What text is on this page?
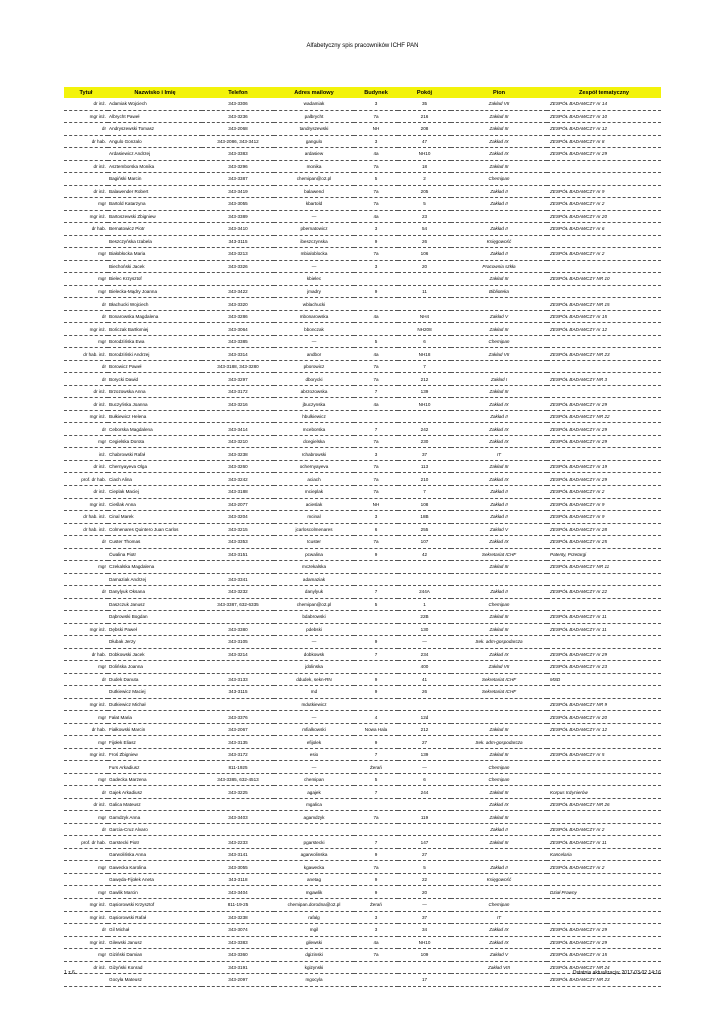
Alfabetyczny spis pracowników ICHF PAN
Tytuł	Nazwisko i Imię	Telefon	Adres mailowy	Budynek	Pokój	Pion	Zespół tematyczny
dr inż.	Adamiak Wojciech	343-3306	wadamiak	3	35	Zakład VII	ZESPÓŁ BADAWCZY nr 14
mgr inż.	Albrycht Paweł	343-3236	palbrycht	7a	216	Zakład III	ZESPÓŁ BADAWCZY nr 10
dr	Andryszewski Tomasz	343-2068	tandryszewski	NH	208	Zakład III	ZESPÓŁ BADAWCZY nr 12
dr hab.	Angulo Gonzalo	343-2086, 343-3412	gangulo	3	47	Zakład IX	ZESPÓŁ BADAWCZY nr 8
	Ardasiewicz Andrzej	343-3383	ardasiew	4a	NH10	Zakład IX	ZESPÓŁ BADAWCZY nr 29
dr inż.	Asztemborska Monika	343-3296	monika	7a	18	Zakład III	
	Bagiński Marcin	343-3387	chemipan@o2.pl	5	2	Chemipan	
dr inż.	Balawender Robert	343-3419	balawend	7a	205	Zakład II	ZESPÓŁ BADAWCZY nr 9
mgr	Bartold Katarzyna	343-3055	kbartold	7a	5	Zakład II	ZESPÓŁ BADAWCZY nr 2
mgr inż.	Bartoszewski Zbigniew	343-3389	—	4a	23		ZESPÓŁ BADAWCZY nr 20
dr hab.	Bernatowicz Piotr	343-3410	pbernatowicz	3	54	Zakład II	ZESPÓŁ BADAWCZY nr 6
	Beszczyńska Izabela	343-3115	ibeszczynska	9	26	Księgowość	
mgr	Białobłocka Maria	343-3213	mbialoblocka	7a	106	Zakład II	ZESPÓŁ BADAWCZY nr 2
	Biechoński Jacek	343-3326	—	3	20	Pracownia szkła	
mgr	Bielec Krzysztof		kbielec			Zakład III	ZESPÓŁ BADAWCZY NR 10
mgr	Bielecka-Mądry Joanna	343-3422	jmadry	9	11	Biblioteka	
dr	Błachucki Wojciech	343-3320	wblachucki				ZESPÓŁ BADAWCZY NR 15
dr	Bonarowska Magdalena	343-3286	mbonarowska	4a	NH4	Zakład V	ZESPÓŁ BADAWCZY nr 15
mgr inż.	Bończak Bartłomiej	343-3064	bbonczak		NH208	Zakład III	ZESPÓŁ BADAWCZY nr 12
mgr	Borodzińska Ewa	343-3385	—	5	6	Chemipan	
dr hab. inż.	Borodziński Andrzej	343-3314	andbor	4a	NH18	Zakład VII	ZESPÓŁ BADAWCZY NR 23
dr	Borowicz Paweł	343-3188, 343-3280	pborowicz	7a	7		
dr	Borycki Dawid	343-3297	dborycki	7a	212	Zakład I	ZESPÓŁ BADAWCZY NR 3
dr inż.	Brzozowska Anna	343-3172	abrzozowska	7	139	Zakład III	
dr inż.	Buczyńska Joanna	343-3216	jbuczynska	4a	NH10	Zakład IX	ZESPÓŁ BADAWCZY nr 29
mgr inż.	Bułkiewicz Helena		hbulkiewicz			Zakład II	ZESPÓŁ BADAWCZY NR 22
dr	Ceborska Magdalena	343-3414	mceborska	7	242	Zakład IX	ZESPÓŁ BADAWCZY nr 29
mgr	Cegielska Dorota	343-3210	dcegielska	7a	230	Zakład IX	ZESPÓŁ BADAWCZY nr 29
inż.	Chabrowski Rafał	343-3238	rchabrowski	3	37	IT	
dr inż.	Chernyayeva Olga	343-3260	ochernyayeva	7a	113	Zakład III	ZESPÓŁ BADAWCZY nr 19
prof. dr hab.	Ciach Alina	343-3242	aciach	7a	210	Zakład IX	ZESPÓŁ BADAWCZY nr 29
dr inż.	Cieplak Maciej	343-3188	mcieplak	7a	7	Zakład II	ZESPÓŁ BADAWCZY nr 2
mgr inż.	Cieślak Anna	343-2077	acieslak	NH	108	Zakład II	ZESPÓŁ BADAWCZY nr 9
dr hab. inż.	Cinal Marek	343-3204	mcinal	3	18B	Zakład II	ZESPÓŁ BADAWCZY nr 9
dr hab. inż.	Colmenares Quintero Juan Carlos	343-3215	jcarloscolmenares	6	255	Zakład V	ZESPÓŁ BADAWCZY nr 28
dr	Custer Thomas	343-3353	tcuster	7a	107	Zakład IX	ZESPÓŁ BADAWCZY nr 25
	Ćwalina Piotr	343-3151	pcwalina	9	42	Sekretariat ICHF	Patenty, Przetargi
mgr	Czekalska Magdalena		mczekalska			Zakład III	ZESPÓŁ BADAWCZY NR 11
	Damaziak Andrzej	343-3341	adamaziak				
dr	Danylyuk Oksana	343-3232	danylyuk	7	244A	Zakład II	ZESPÓŁ BADAWCZY nr 22
	Daszczuk Janusz	343-3387, 632-6335	chemipan@o2.pl	5	1	Chemipan	
	Dąbrowski Bogdan		bdabrowski		22B	Zakład III	ZESPÓŁ BADAWCZY nr 11
mgr inż.	Dębski Paweł	343-3380	pdebski		130	Zakład III	ZESPÓŁ BADAWCZY nr 11
	Dłubak Jerzy	343-3105	—	9	—	Sek. adm-gospodarcza	
dr hab.	Dobkowski Jacek	343-3214	dobkowsk	7	234	Zakład IX	ZESPÓŁ BADAWCZY nr 29
mgr	Dolińska Joanna		jdolinska		400	Zakład VII	ZESPÓŁ BADAWCZY nr 23
dr	Dudek Danuta	343-3133	ddudek, sekn-RN	9	41	Sekretariat ICHF	MSD
	Dutkiewicz Maciej	343-3115	md	9	26	Sekretariat ICHF	
mgr inż.	Dutkiewicz Michał		mdutkiewicz				ZESPÓŁ BADAWCZY NR 9
mgr	Fałat Maria	343-3376	—	4	12d		ZESPÓŁ BADAWCZY nr 20
dr hab.	Fiałkowski Marcin	343-2067	mfialkowski	Nowa Hala	212	Zakład III	ZESPÓŁ BADAWCZY nr 12
mgr	Fijołek Eliasz	343-3135	efijolek	9	27	Sek. adm-gospodarcza	
mgr inż.	Froś Zbigniew	343-3172	esio	7	139	Zakład III	ZESPÓŁ BADAWCZY nr 5
	Furs Arkadiusz	811-1925	—	Żerań	—	Chemipan	
mgr	Gadecka Marzena	343-3385, 632-4513	chemipan	5	6	Chemipan	
dr	Gajek Arkadiusz	343-3225	agajek	7	244	Zakład III	Korpus Inżynierów
dr inż.	Galica Mateusz		mgalica			Zakład IX	ZESPÓŁ BADAWCZY NR 26
mgr	Gamdzyk Anna	343-3403	agamdzyk	7a	119	Zakład III	
dr	Garcia-Cruz Alvaro					Zakład II	ZESPÓŁ BADAWCZY nr 2
prof. dr hab.	Garstecki Piotr	343-2233	pgarstecki	7	147	Zakład III	ZESPÓŁ BADAWCZY nr 11
	Garwolińska Anna	343-3141	agarwolinska	9	27		Kancelaria
mgr	Gawecka Karolina	343-3055	kgawecka	7a	5	Zakład II	ZESPÓŁ BADAWCZY nr 2
	Gawęda-Fijołek Aneta	343-3118	anetag	9	22	Księgowość	
mgr	Gawlik Marcin	343-3404	mgawlik	9	20		Dział Prawny
mgr inż.	Gąsiorowski Krzysztof	811-19-25	chemipan.dorodna@o2.pl	Żerań	—	Chemipan	
mgr inż.	Gąsiorowski Rafał	343-3238	rafalg	3	37	IT	
dr	Gil Michał	343-3074	mgil	3	34	Zakład IX	ZESPÓŁ BADAWCZY nr 29
mgr inż.	Gilewski Janusz	343-3383	gilewski	4a	NH10	Zakład IX	ZESPÓŁ BADAWCZY nr 29
mgr	Giziński Damian	343-3360	dgizinski	7a	109	Zakład V	ZESPÓŁ BADAWCZY nr 15
dr inż.	Giżyński Konrad	343-3191	kgizynski			Zakład VIII	ZESPÓŁ BADAWCZY NR 24
	Gocyła Mateusz	343-2097	mgocyla		17		ZESPÓŁ BADAWCZY NR 23
1 z 6	Ostatnia aktualizacja: 2017-03-02 14:16
